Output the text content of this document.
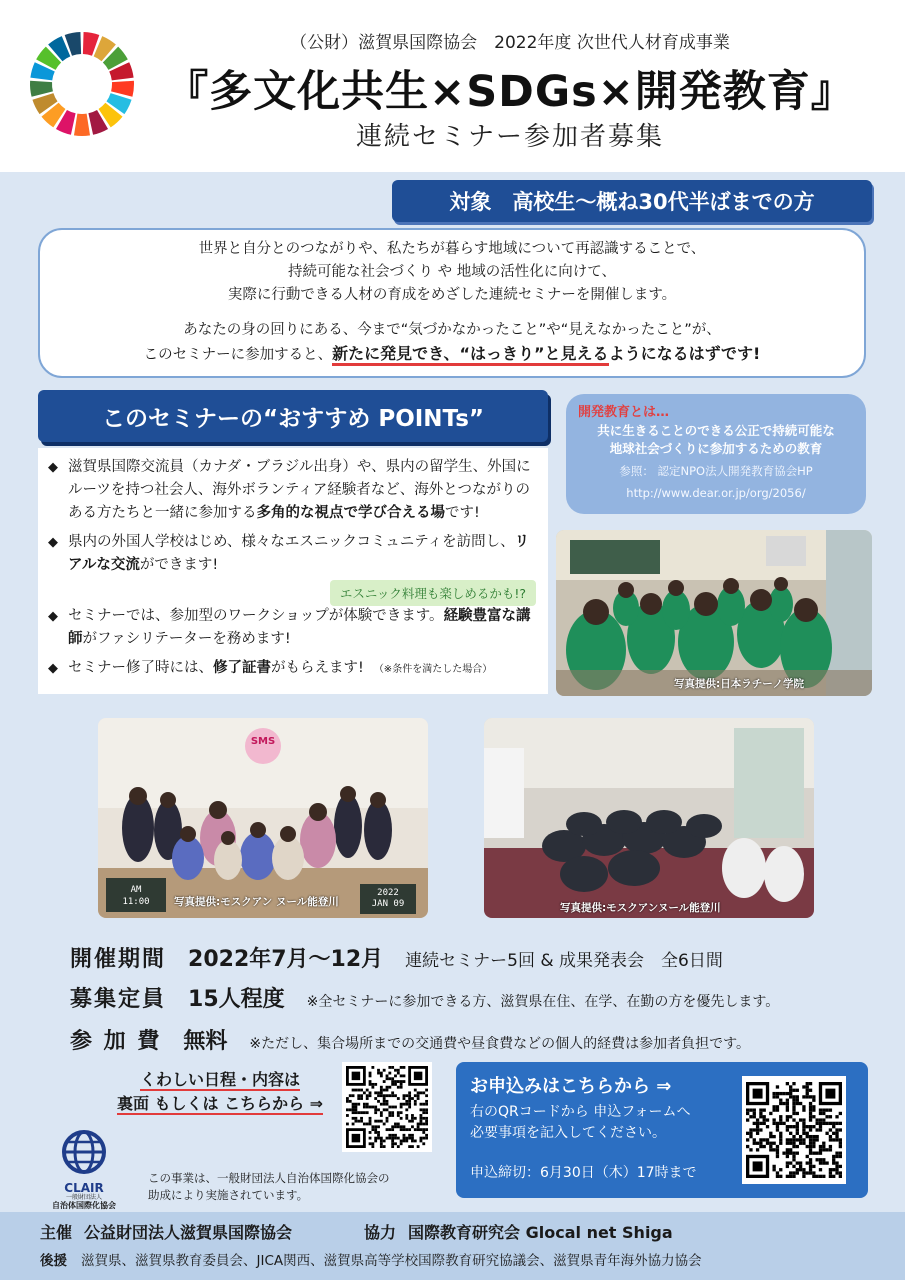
（公財）滋賀県国際協会　2022年度 次世代人材育成事業
『多文化共生×SDGs×開発教育』
連続セミナー参加者募集
対象　高校生～概ね30代半ばまでの方
世界と自分とのつながりや、私たちが暮らす地域について再認識することで、
持続可能な社会づくり や 地域の活性化に向けて、
実際に行動できる人材の育成をめざした連続セミナーを開催します。
あなたの身の回りにある、今まで“気づかなかったこと”や“見えなかったこと”が、
このセミナーに参加すると、新たに発見でき、“はっきり”と見えるようになるはずです!
このセミナーの“おすすめ POINTs”
◆ 滋賀県国際交流員（カナダ・ブラジル出身）や、県内の留学生、外国にルーツを持つ社会人、海外ボランティア経験者など、海外とつながりのある方たちと一緒に参加する多角的な視点で学び合える場です!
◆ 県内の外国人学校はじめ、様々なエスニックコミュニティを訪問し、リアルな交流ができます!
◆ セミナーでは、参加型のワークショップが体験できます。経験豊富な講師がファシリテーターを務めます!
◆ セミナー修了時には、修了証書がもらえます! （※条件を満たした場合）
エスニック料理も楽しめるかも!?
開発教育とは…
共に生きることのできる公正で持続可能な
地球社会づくりに参加するための教育
参照： 認定NPO法人開発教育協会HP
http://www.dear.or.jp/org/2056/
写真提供:日本ラチーノ学院
SMS
AM
11:00
2022
JAN 09
写真提供:モスクアン ヌール能登川	写真提供:モスクアンヌール能登川
開催期間 2022年7月～12月 連続セミナー5回 & 成果発表会　全6日間
募集定員 15人程度 ※全セミナーに参加できる方、滋賀県在住、在学、在勤の方を優先します。
参 加 費 無料 ※ただし、集合場所までの交通費や昼食費などの個人的経費は参加者負担です。
くわしい日程・内容は
裏面 もしくは こちらから ⇒
お申込みはこちらから ⇒
右のQRコードから 申込フォームへ
必要事項を記入してください。
申込締切：6月30日（木）17時まで
CLAIR
一般財団法人
自治体国際化協会
この事業は、一般財団法人自治体国際化協会の
助成により実施されています。
主催 公益財団法人滋賀県国際協会	協力 国際教育研究会 Glocal net Shiga
後援 滋賀県、滋賀県教育委員会、JICA関西、滋賀県高等学校国際教育研究協議会、滋賀県青年海外協力協会
